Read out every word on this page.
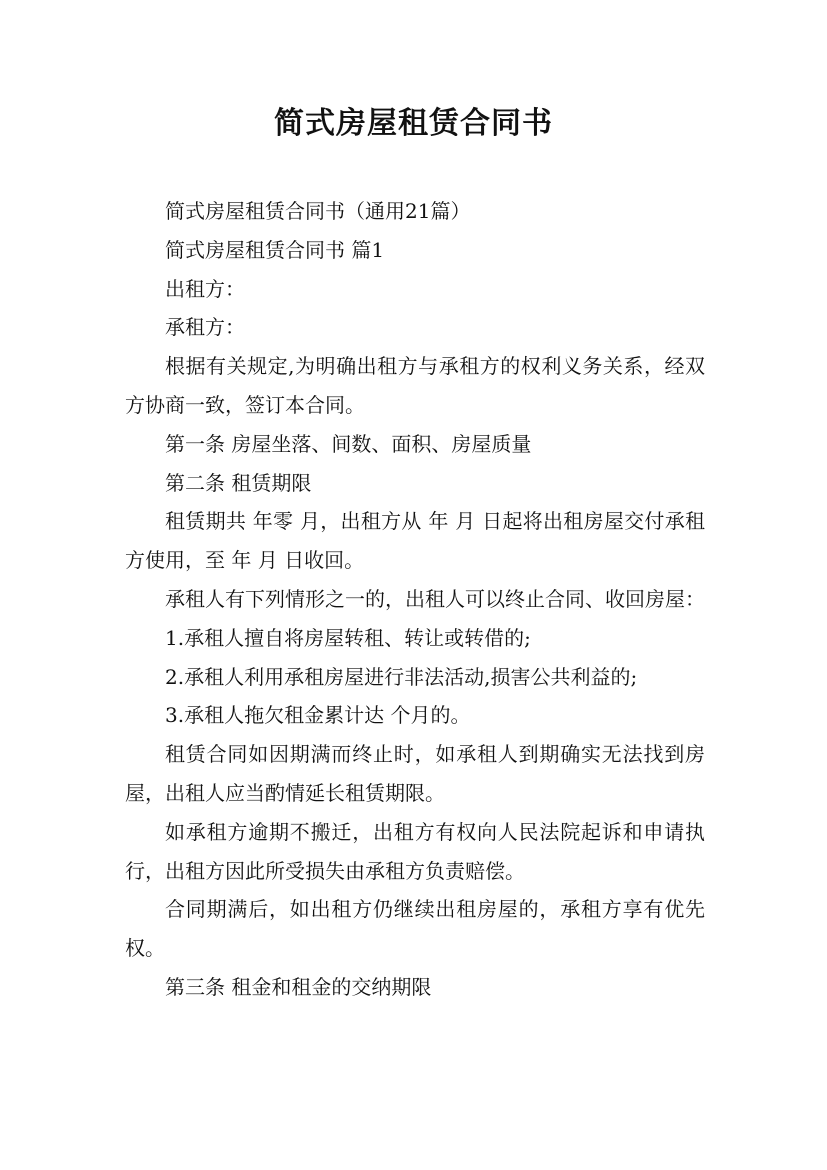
简式房屋租赁合同书

简式房屋租赁合同书（通用21篇）

简式房屋租赁合同书 篇1

出租方：

承租方：

根据有关规定,为明确出租方与承租方的权利义务关系，经双方协商一致，签订本合同。

第一条 房屋坐落、间数、面积、房屋质量

第二条 租赁期限

租赁期共 年零 月，出租方从 年 月 日起将出租房屋交付承租方使用，至 年 月 日收回。

承租人有下列情形之一的，出租人可以终止合同、收回房屋：

1.承租人擅自将房屋转租、转让或转借的;

2.承租人利用承租房屋进行非法活动,损害公共利益的;

3.承租人拖欠租金累计达 个月的。

租赁合同如因期满而终止时，如承租人到期确实无法找到房屋，出租人应当酌情延长租赁期限。

如承租方逾期不搬迁，出租方有权向人民法院起诉和申请执行，出租方因此所受损失由承租方负责赔偿。

合同期满后，如出租方仍继续出租房屋的，承租方享有优先权。

第三条 租金和租金的交纳期限
